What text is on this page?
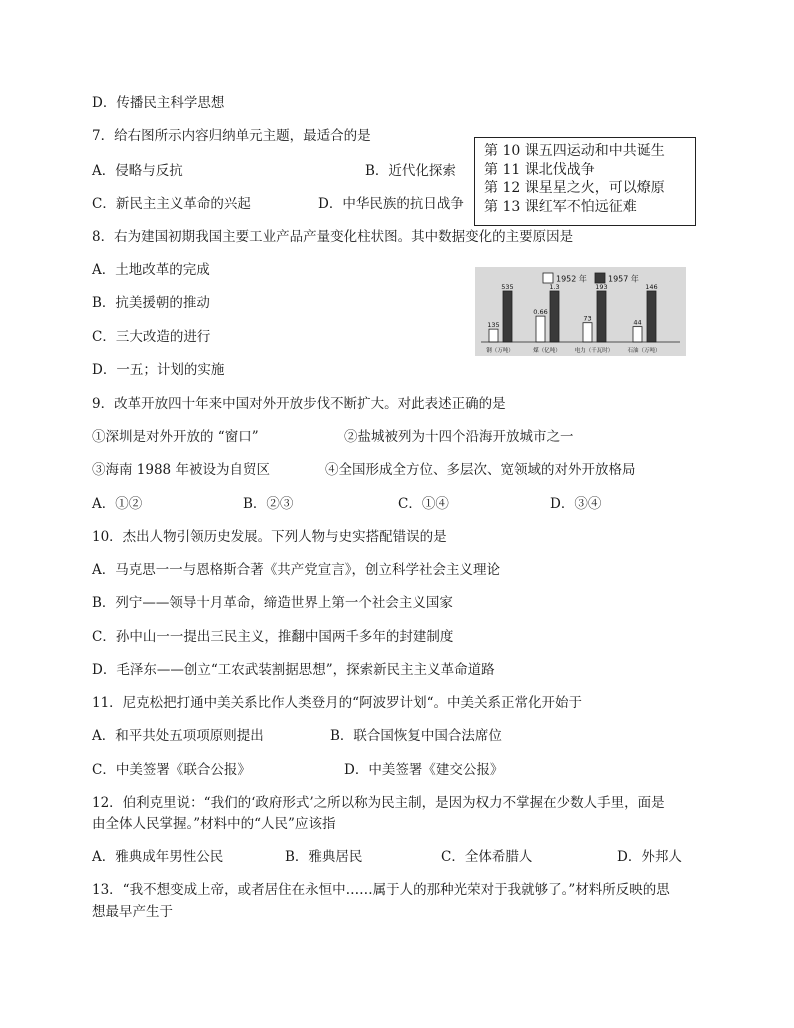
D．传播民主科学思想
7．给右图所示内容归纳单元主题，最适合的是
A．侵略与反抗	B．近代化探索
C．新民主主义革命的兴起	D．中华民族的抗日战争
第 10 课五四运动和中共诞生
第 11 课北伐战争
第 12 课星星之火，可以燎原
第 13 课红军不怕远征难
8．右为建国初期我国主要工业产品产量变化柱状图。其中数据变化的主要原因是
A．土地改革的完成
B．抗美援朝的推动
C．三大改造的进行
D．一五；计划的实施
135
535
钢（万吨）
0.66
1.3
煤（亿吨）
73
193
电力（千瓦时）
44
146
石油（万吨）
1952 年	1957 年
9．改革开放四十年来中国对外开放步伐不断扩大。对此表述正确的是
①深圳是对外开放的 “窗口”	②盐城被列为十四个沿海开放城市之一
③海南 1988 年被设为自贸区	④全国形成全方位、多层次、宽领域的对外开放格局
A．①②	B．②③	C．①④	D．③④
10．杰出人物引领历史发展。下列人物与史实搭配错误的是
A．马克思一一与恩格斯合著《共产党宣言》，创立科学社会主义理论
B．列宁——领导十月革命，缔造世界上第一个社会主义国家
C．孙中山一一提出三民主义，推翻中国两千多年的封建制度
D．毛泽东——创立“工农武装割据思想”，探索新民主主义革命道路
11．尼克松把打通中美关系比作人类登月的“阿波罗计划“。中美关系正常化开始于
A．和平共处五项项原则提出	B．联合国恢复中国合法席位
C．中美签署《联合公报》	D．中美签署《建交公报》
12．伯利克里说：“我们的‘政府形式’之所以称为民主制，是因为权力不掌握在少数人手里，面是
由全体人民掌握。”材料中的“人民”应该指
A．雅典成年男性公民	B．雅典居民	C．全体希腊人	D．外邦人
13．“我不想变成上帝，或者居住在永恒中……属于人的那种光荣对于我就够了。”材料所反映的思
想最早产生于
